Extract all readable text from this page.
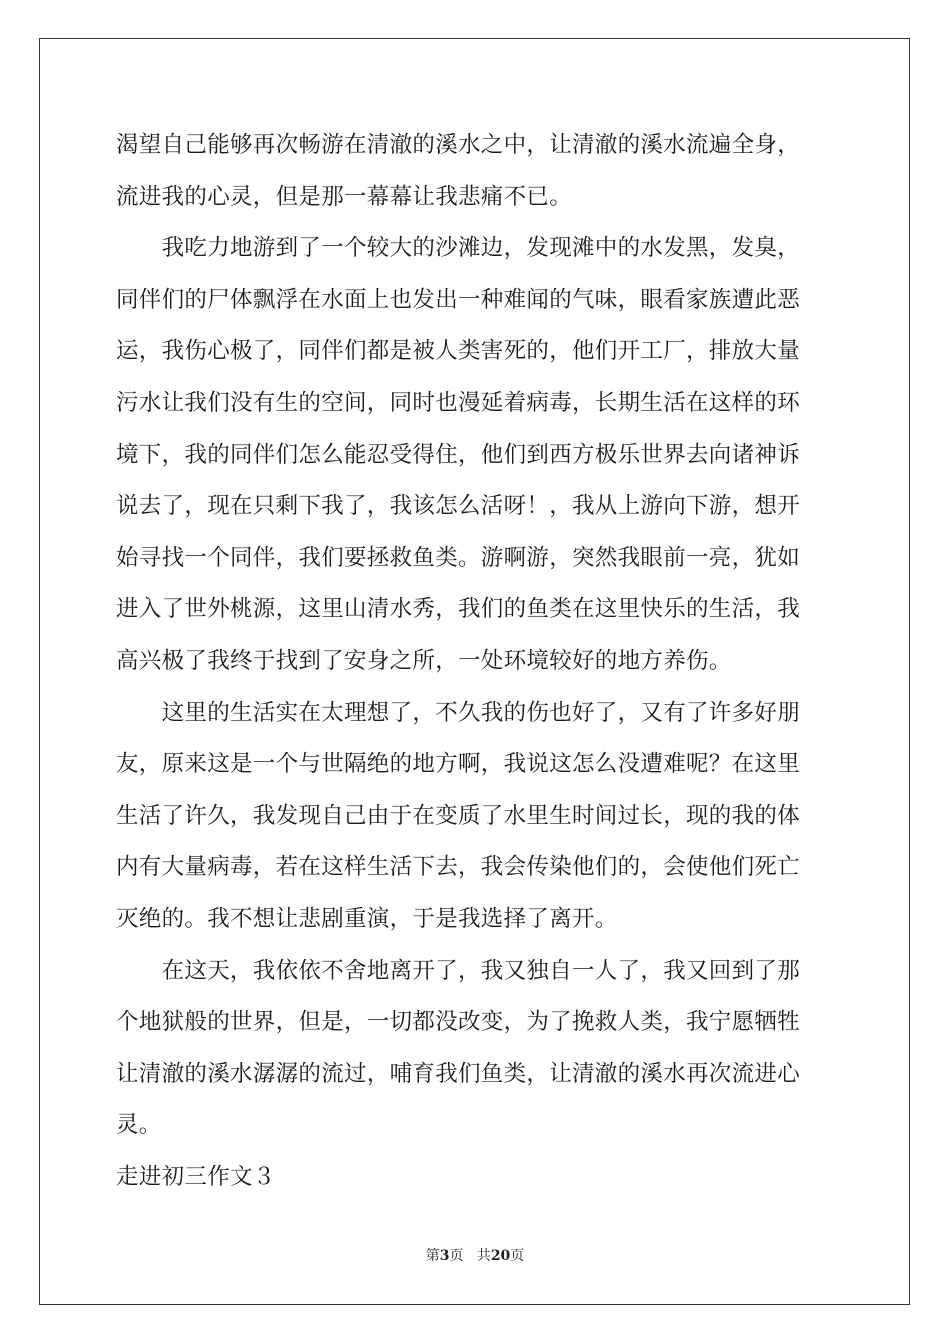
渴望自己能够再次畅游在清澈的溪水之中，让清澈的溪水流遍全身，
流进我的心灵，但是那一幕幕让我悲痛不已。
　　我吃力地游到了一个较大的沙滩边，发现滩中的水发黑，发臭，
同伴们的尸体飘浮在水面上也发出一种难闻的气味，眼看家族遭此恶
运，我伤心极了，同伴们都是被人类害死的，他们开工厂，排放大量
污水让我们没有生的空间，同时也漫延着病毒，长期生活在这样的环
境下，我的同伴们怎么能忍受得住，他们到西方极乐世界去向诸神诉
说去了，现在只剩下我了，我该怎么活呀！，我从上游向下游，想开
始寻找一个同伴，我们要拯救鱼类。游啊游，突然我眼前一亮，犹如
进入了世外桃源，这里山清水秀，我们的鱼类在这里快乐的生活，我
高兴极了我终于找到了安身之所，一处环境较好的地方养伤。
　　这里的生活实在太理想了，不久我的伤也好了，又有了许多好朋
友，原来这是一个与世隔绝的地方啊，我说这怎么没遭难呢？在这里
生活了许久，我发现自己由于在变质了水里生时间过长，现的我的体
内有大量病毒，若在这样生活下去，我会传染他们的，会使他们死亡
灭绝的。我不想让悲剧重演，于是我选择了离开。
　　在这天，我依依不舍地离开了，我又独自一人了，我又回到了那
个地狱般的世界，但是，一切都没改变，为了挽救人类，我宁愿牺牲
让清澈的溪水潺潺的流过，哺育我们鱼类，让清澈的溪水再次流进心
灵。
走进初三作文３
第3页 共20页
